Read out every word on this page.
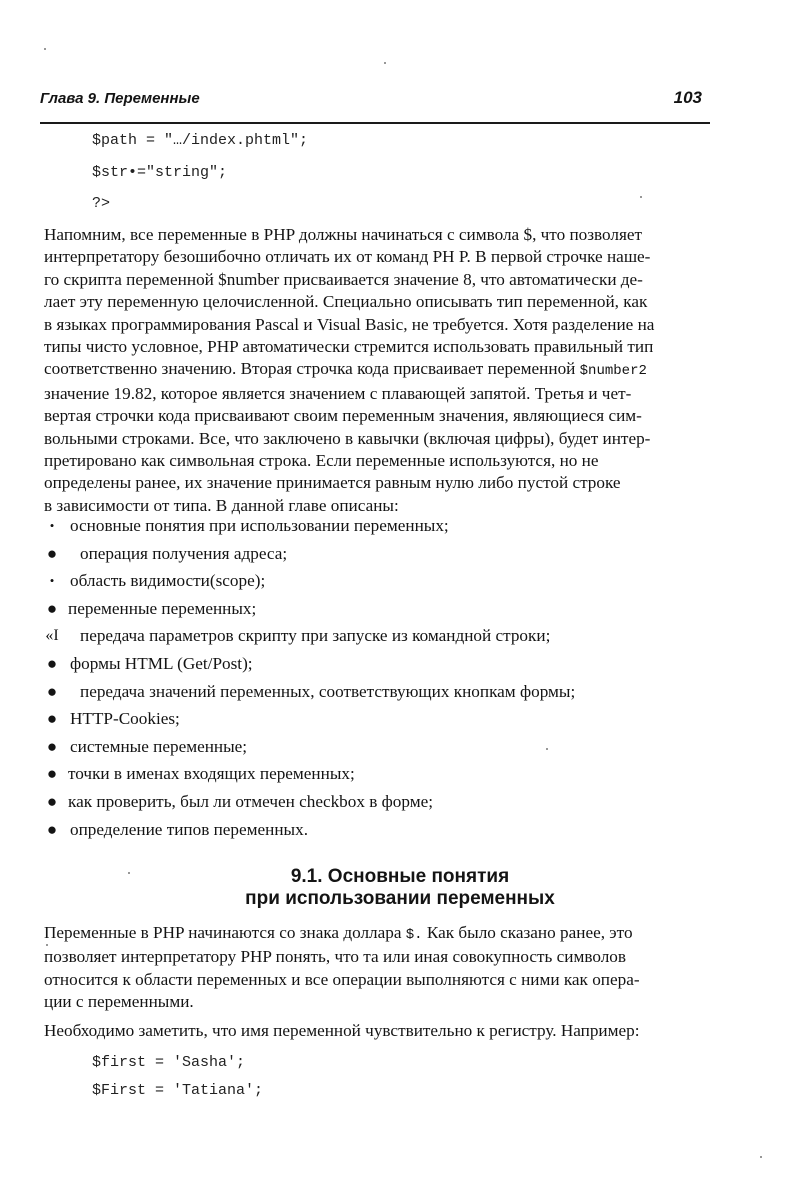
Глава 9. Переменные	103
$path = "…/index.phtml";
$str•="string";
?>
Напомним, все переменные в PHP должны начинаться с символа $, что позволяет
интерпретатору безошибочно отличать их от команд PH P. В первой строчке наше-
го скрипта переменной $number присваивается значение 8, что автоматически де-
лает эту переменную целочисленной. Специально описывать тип переменной, как
в языках программирования Pascal и Visual Basic, не требуется. Хотя разделение на
типы чисто условное, PHP автоматически стремится использовать правильный тип
соответственно значению. Вторая строчка кода присваивает переменной $number2
значение 19.82, которое является значением с плавающей запятой. Третья и чет-
вертая строчки кода присваивают своим переменным значения, являющиеся сим-
вольными строками. Все, что заключено в кавычки (включая цифры), будет интер-
претировано как символьная строка. Если переменные используются, но не
определены ранее, их значение принимается равным нулю либо пустой строке
в зависимости от типа. В данной главе описаны:
• основные понятия при использовании переменных;
●	операция получения адреса;
• область видимости(scope);
● переменные переменных;
«I	передача параметров скрипту при запуске из командной строки;
● формы HTML (Get/Post);
●	передача значений переменных, соответствующих кнопкам формы;
● HTTP-Cookies;
● системные переменные;
● точки в именах входящих переменных;
● как проверить, был ли отмечен checkbox в форме;
● определение типов переменных.
9.1. Основные понятия
при использовании переменных
Переменные в PHP начинаются со знака доллара $. Как было сказано ранее, это
позволяет интерпретатору PHP понять, что та или иная совокупность символов
относится к области переменных и все операции выполняются с ними как опера-
ции с переменными.
Необходимо заметить, что имя переменной чувствительно к регистру. Например:
$first = 'Sasha';
$First = 'Tatiana';
